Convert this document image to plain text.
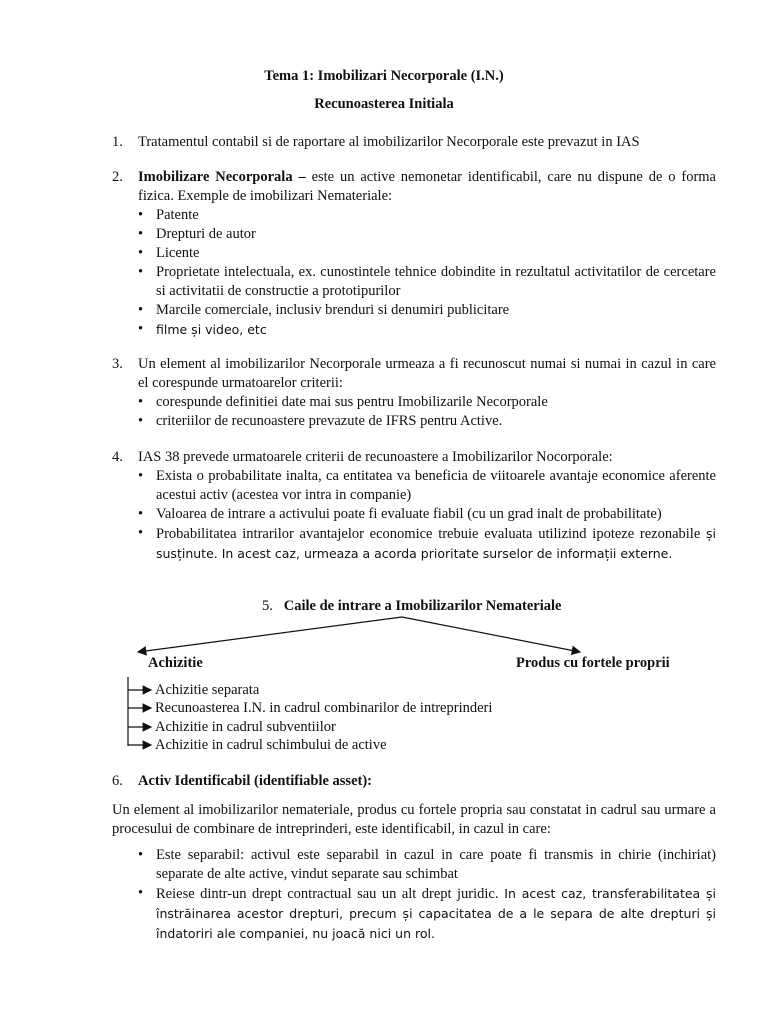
Tema 1: Imobilizari Necorporale (I.N.)
Recunoasterea Initiala
1.	Tratamentul contabil si de raportare al imobilizarilor Necorporale este prevazut in IAS
2.	Imobilizare Necorporala – este un active nemonetar identificabil, care nu dispune de o forma fizica. Exemple de imobilizari Nemateriale:
• Patente
• Drepturi de autor
• Licente
• Proprietate intelectuala, ex. cunostintele tehnice dobindite in rezultatul activitatilor de cercetare si activitatii de constructie a prototipurilor
• Marcile comerciale, inclusiv brenduri si denumiri publicitare
• filme și video, etc
3.	Un element al imobilizarilor Necorporale urmeaza a fi recunoscut numai si numai in cazul in care el corespunde urmatoarelor criterii:
• corespunde definitiei date mai sus pentru Imobilizarile Necorporale
• criteriilor de recunoastere prevazute de IFRS pentru Active.
4.	IAS 38 prevede urmatoarele criterii de recunoastere a Imobilizarilor Nocorporale:
• Exista o probabilitate inalta, ca entitatea va beneficia de viitoarele avantaje economice aferente acestui activ (acestea vor intra in companie)
• Valoarea de intrare a activului poate fi evaluate fiabil (cu un grad inalt de probabilitate)
• Probabilitatea intrarilor avantajelor economice trebuie evaluata utilizind ipoteze rezonabile și susținute. In acest caz, urmeaza a acorda prioritate surselor de informații externe.
5. Caile de intrare a Imobilizarilor Nemateriale
Achizitie	Produs cu fortele proprii
Achizitie separata
Recunoasterea I.N. in cadrul combinarilor de intreprinderi
Achizitie in cadrul subventiilor
Achizitie in cadrul schimbului de active
6.	Activ Identificabil (identifiable asset):
Un element al imobilizarilor nemateriale, produs cu fortele propria sau constatat in cadrul sau urmare a procesului de combinare de intreprinderi, este identificabil, in cazul in care:
• Este separabil: activul este separabil in cazul in care poate fi transmis in chirie (inchiriat) separate de alte active, vindut separate sau schimbat
• Reiese dintr-un drept contractual sau un alt drept juridic. In acest caz, transferabilitatea și înstrăinarea acestor drepturi, precum și capacitatea de a le separa de alte drepturi și îndatoriri ale companiei, nu joacă nici un rol.
